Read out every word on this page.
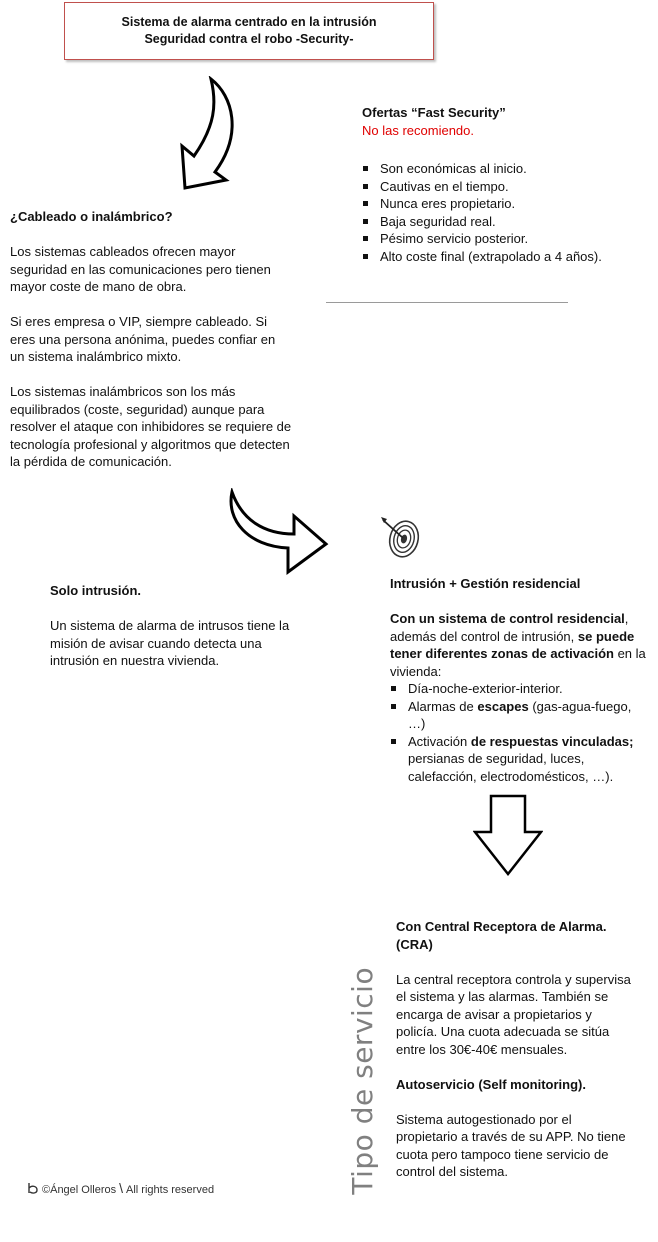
Sistema de alarma centrado en la intrusión
Seguridad contra el robo -Security-

Ofertas “Fast Security”

No las recomiendo.

Son económicas al inicio.
Cautivas en el tiempo.
Nunca eres propietario.
Baja seguridad real.
Pésimo servicio posterior.
Alto coste final (extrapolado a 4 años).

¿Cableado o inalámbrico?

Los sistemas cableados ofrecen mayor seguridad en las comunicaciones pero tienen mayor coste de mano de obra.

Si eres empresa o VIP, siempre cableado. Si eres una persona anónima, puedes confiar en un sistema inalámbrico mixto.

Los sistemas inalámbricos son los más equilibrados (coste, seguridad) aunque para resolver el ataque con inhibidores se requiere de tecnología profesional y algoritmos que detecten la pérdida de comunicación.

Solo intrusión.

Un sistema de alarma de intrusos tiene la misión de avisar cuando detecta una intrusión en nuestra vivienda.

Intrusión + Gestión residencial

Con un sistema de control residencial, además del control de intrusión, se puede tener diferentes zonas de activación en la vivienda:

Día-noche-exterior-interior.
Alarmas de escapes (gas-agua-fuego, …)
Activación de respuestas vinculadas; persianas de seguridad, luces, calefacción, electrodomésticos, …).

Con Central Receptora de Alarma. (CRA)

La central receptora controla y supervisa el sistema y las alarmas. También se encarga de avisar a propietarios y policía. Una cuota adecuada se sitúa entre los 30€-40€ mensuales.

Autoservicio (Self monitoring).

Sistema autogestionado por el propietario a través de su APP. No tiene cuota pero tampoco tiene servicio de control del sistema.

Tipo de servicio
©Ángel Olleros \ All rights reserved
